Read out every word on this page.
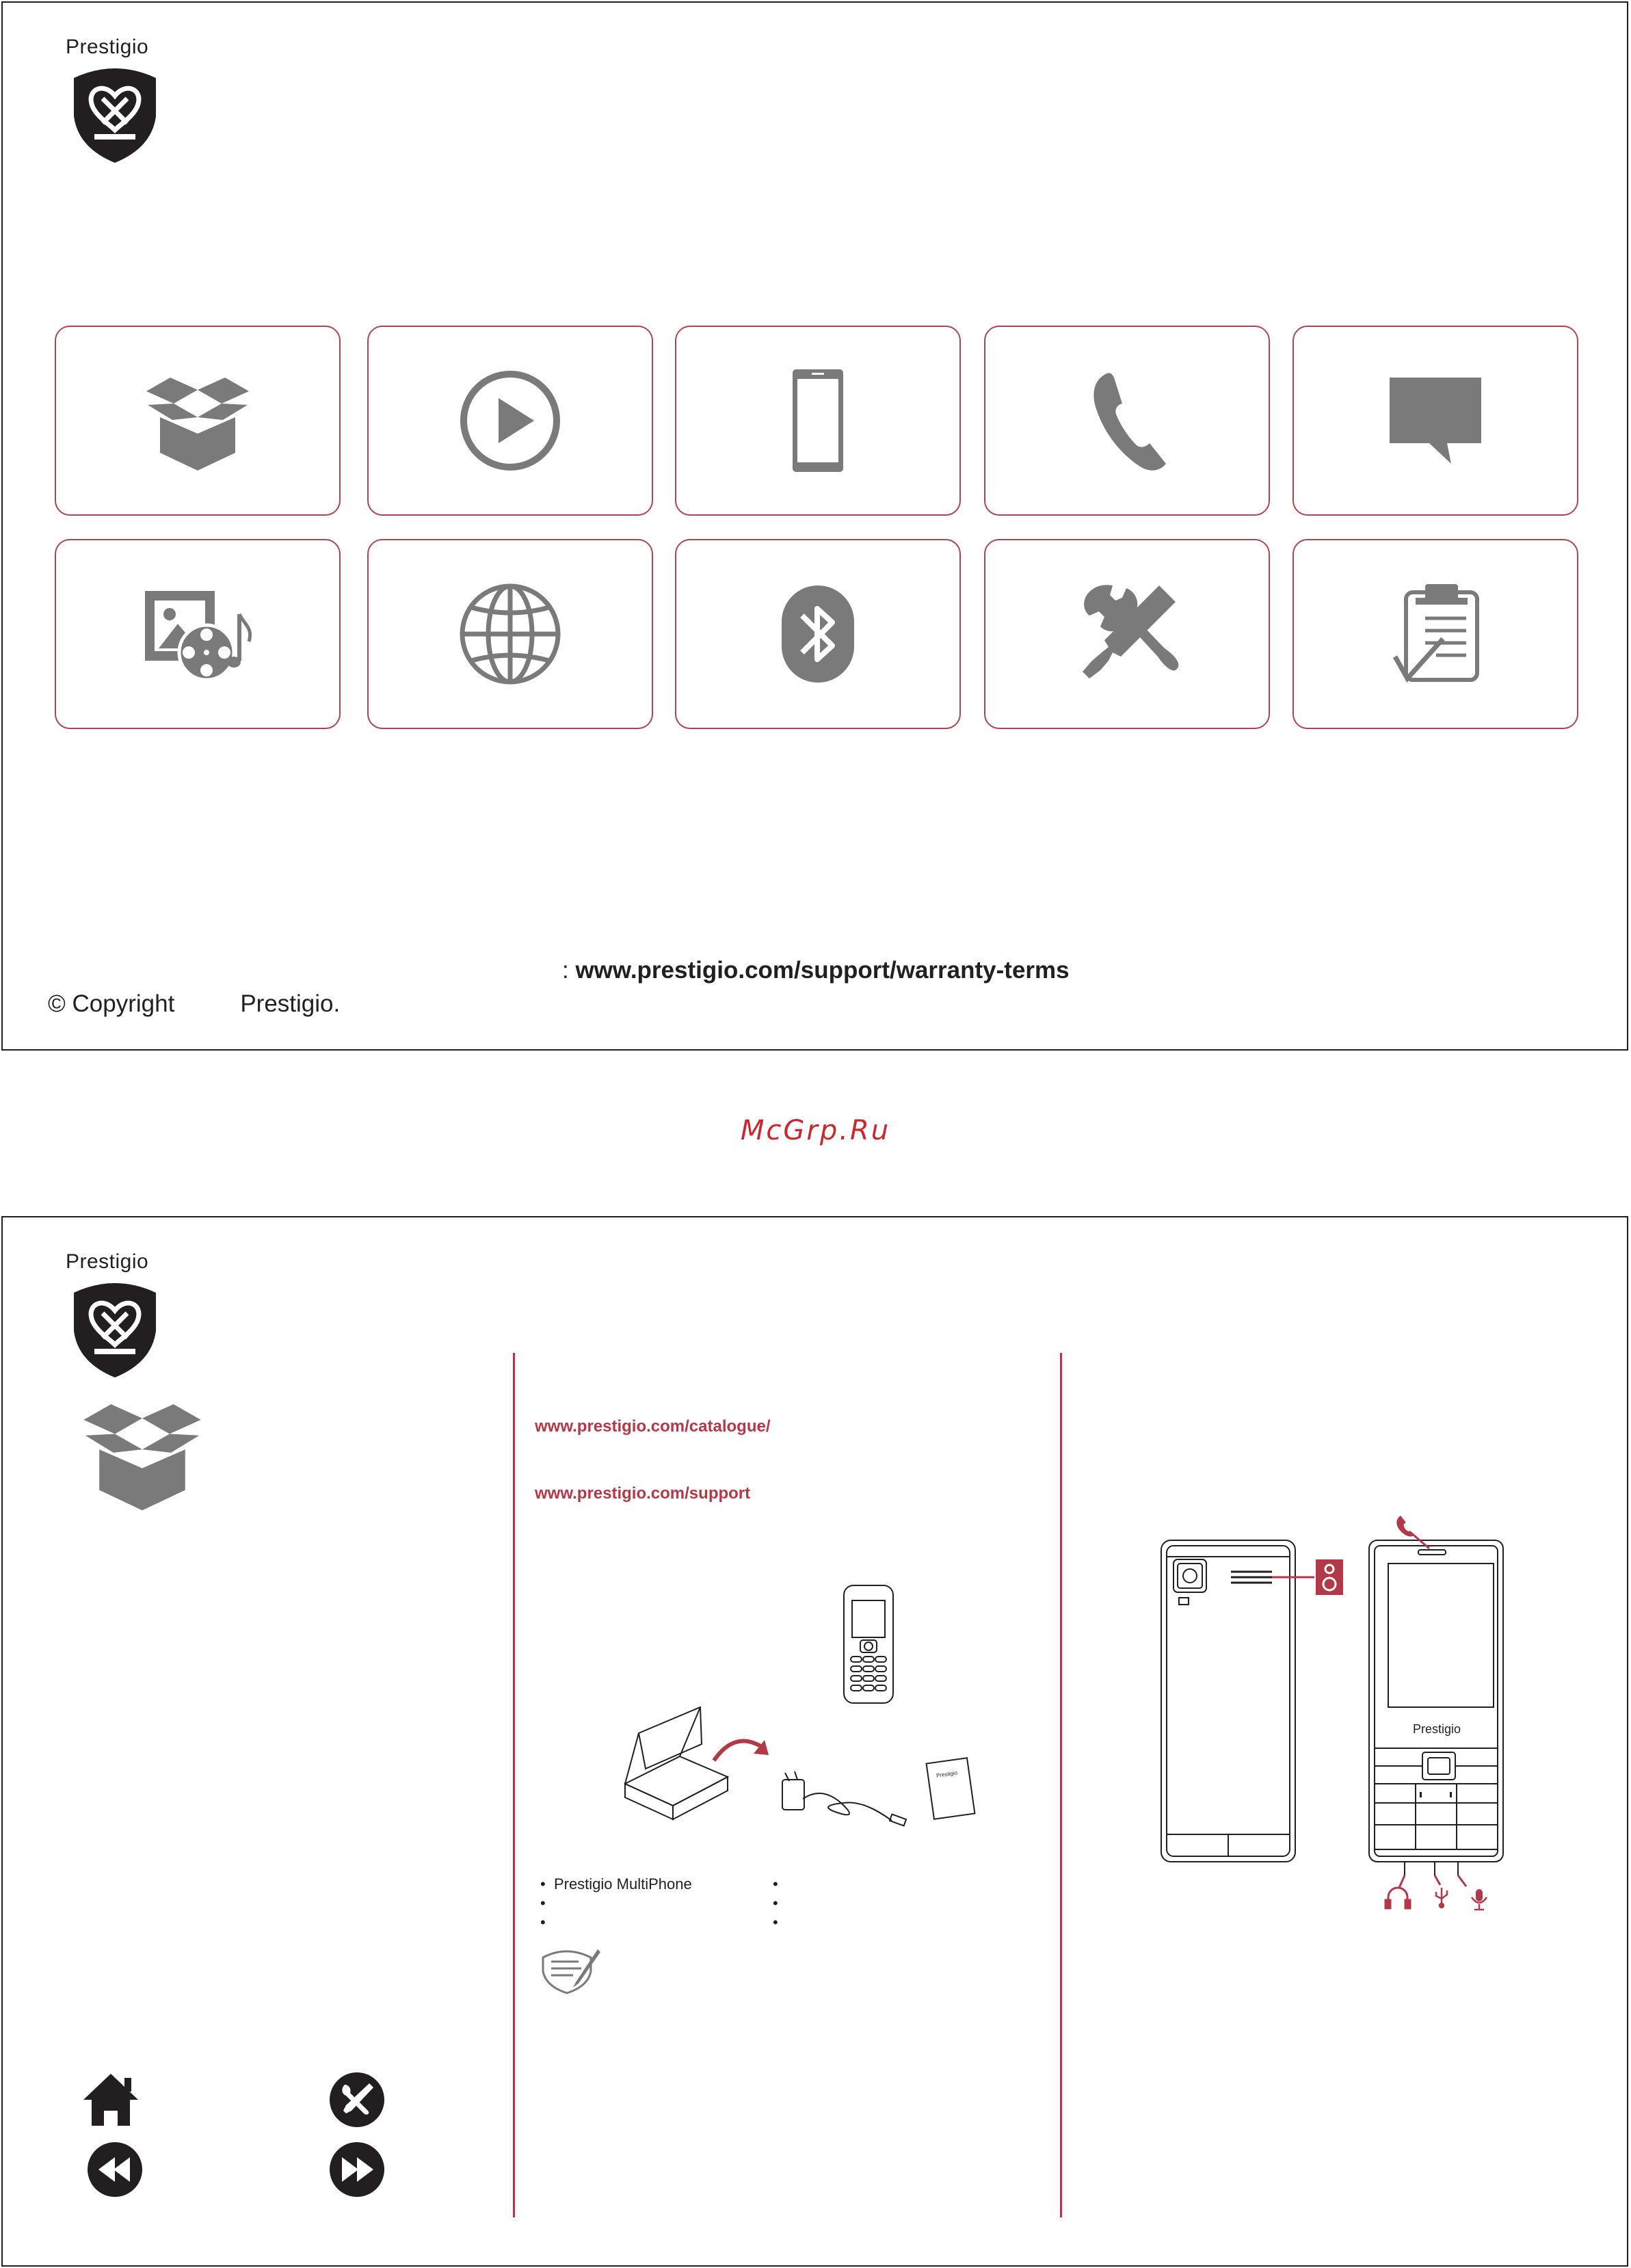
Prestigio
: www.prestigio.com/support/warranty-terms
© Copyright	Prestigio.
McGrp.Ru
Prestigio
www.prestigio.com/catalogue/
www.prestigio.com/support
Prestigio
• Prestigio MultiPhone
•
•
•
•
•
Prestigio
